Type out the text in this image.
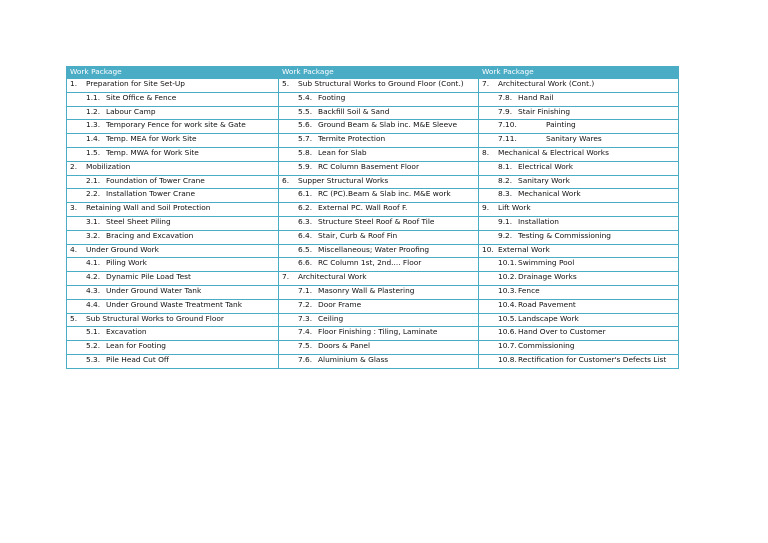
Work Package	Work Package	Work Package

1. Preparation for Site Set-Up	5. Sub Structural Works to Ground Floor (Cont.)	7. Architectural Work (Cont.)

1.1. Site Office & Fence	5.4. Footing	7.8. Hand Rail

1.2. Labour Camp	5.5. Backfill Soil & Sand	7.9. Stair Finishing

1.3. Temporary Fence for work site & Gate	5.6. Ground Beam & Slab inc. M&E Sleeve	7.10. Painting

1.4. Temp. MEA for Work Site	5.7. Termite Protection	7.11. Sanitary Wares

1.5. Temp. MWA for Work Site	5.8. Lean for Slab	8. Mechanical & Electrical Works

2. Mobilization	5.9. RC Column Basement Floor	8.1. Electrical Work

2.1. Foundation of Tower Crane	6. Supper Structural Works	8.2. Sanitary Work

2.2. Installation Tower Crane	6.1. RC (PC).Beam & Slab inc. M&E work	8.3. Mechanical Work

3. Retaining Wall and Soil Protection	6.2. External PC. Wall Roof F.	9. Lift Work

3.1. Steel Sheet Piling	6.3. Structure Steel Roof & Roof Tile	9.1. Installation

3.2. Bracing and Excavation	6.4. Stair, Curb & Roof Fin	9.2. Testing & Commissioning

4. Under Ground Work	6.5. Miscellaneous; Water Proofing	10. External Work

4.1. Piling Work	6.6. RC Column 1st, 2nd.... Floor	10.1. Swimming Pool

4.2. Dynamic Pile Load Test	7. Architectural Work	10.2. Drainage Works

4.3. Under Ground Water Tank	7.1. Masonry Wall & Plastering	10.3. Fence

4.4. Under Ground Waste Treatment Tank	7.2. Door Frame	10.4. Road Pavement

5. Sub Structural Works to Ground Floor	7.3. Ceiling	10.5. Landscape Work

5.1. Excavation	7.4. Floor Finishing : Tiling, Laminate	10.6. Hand Over to Customer

5.2. Lean for Footing	7.5. Doors & Panel	10.7. Commissioning

5.3. Pile Head Cut Off	7.6. Aluminium & Glass	10.8. Rectification for Customer's Defects List
